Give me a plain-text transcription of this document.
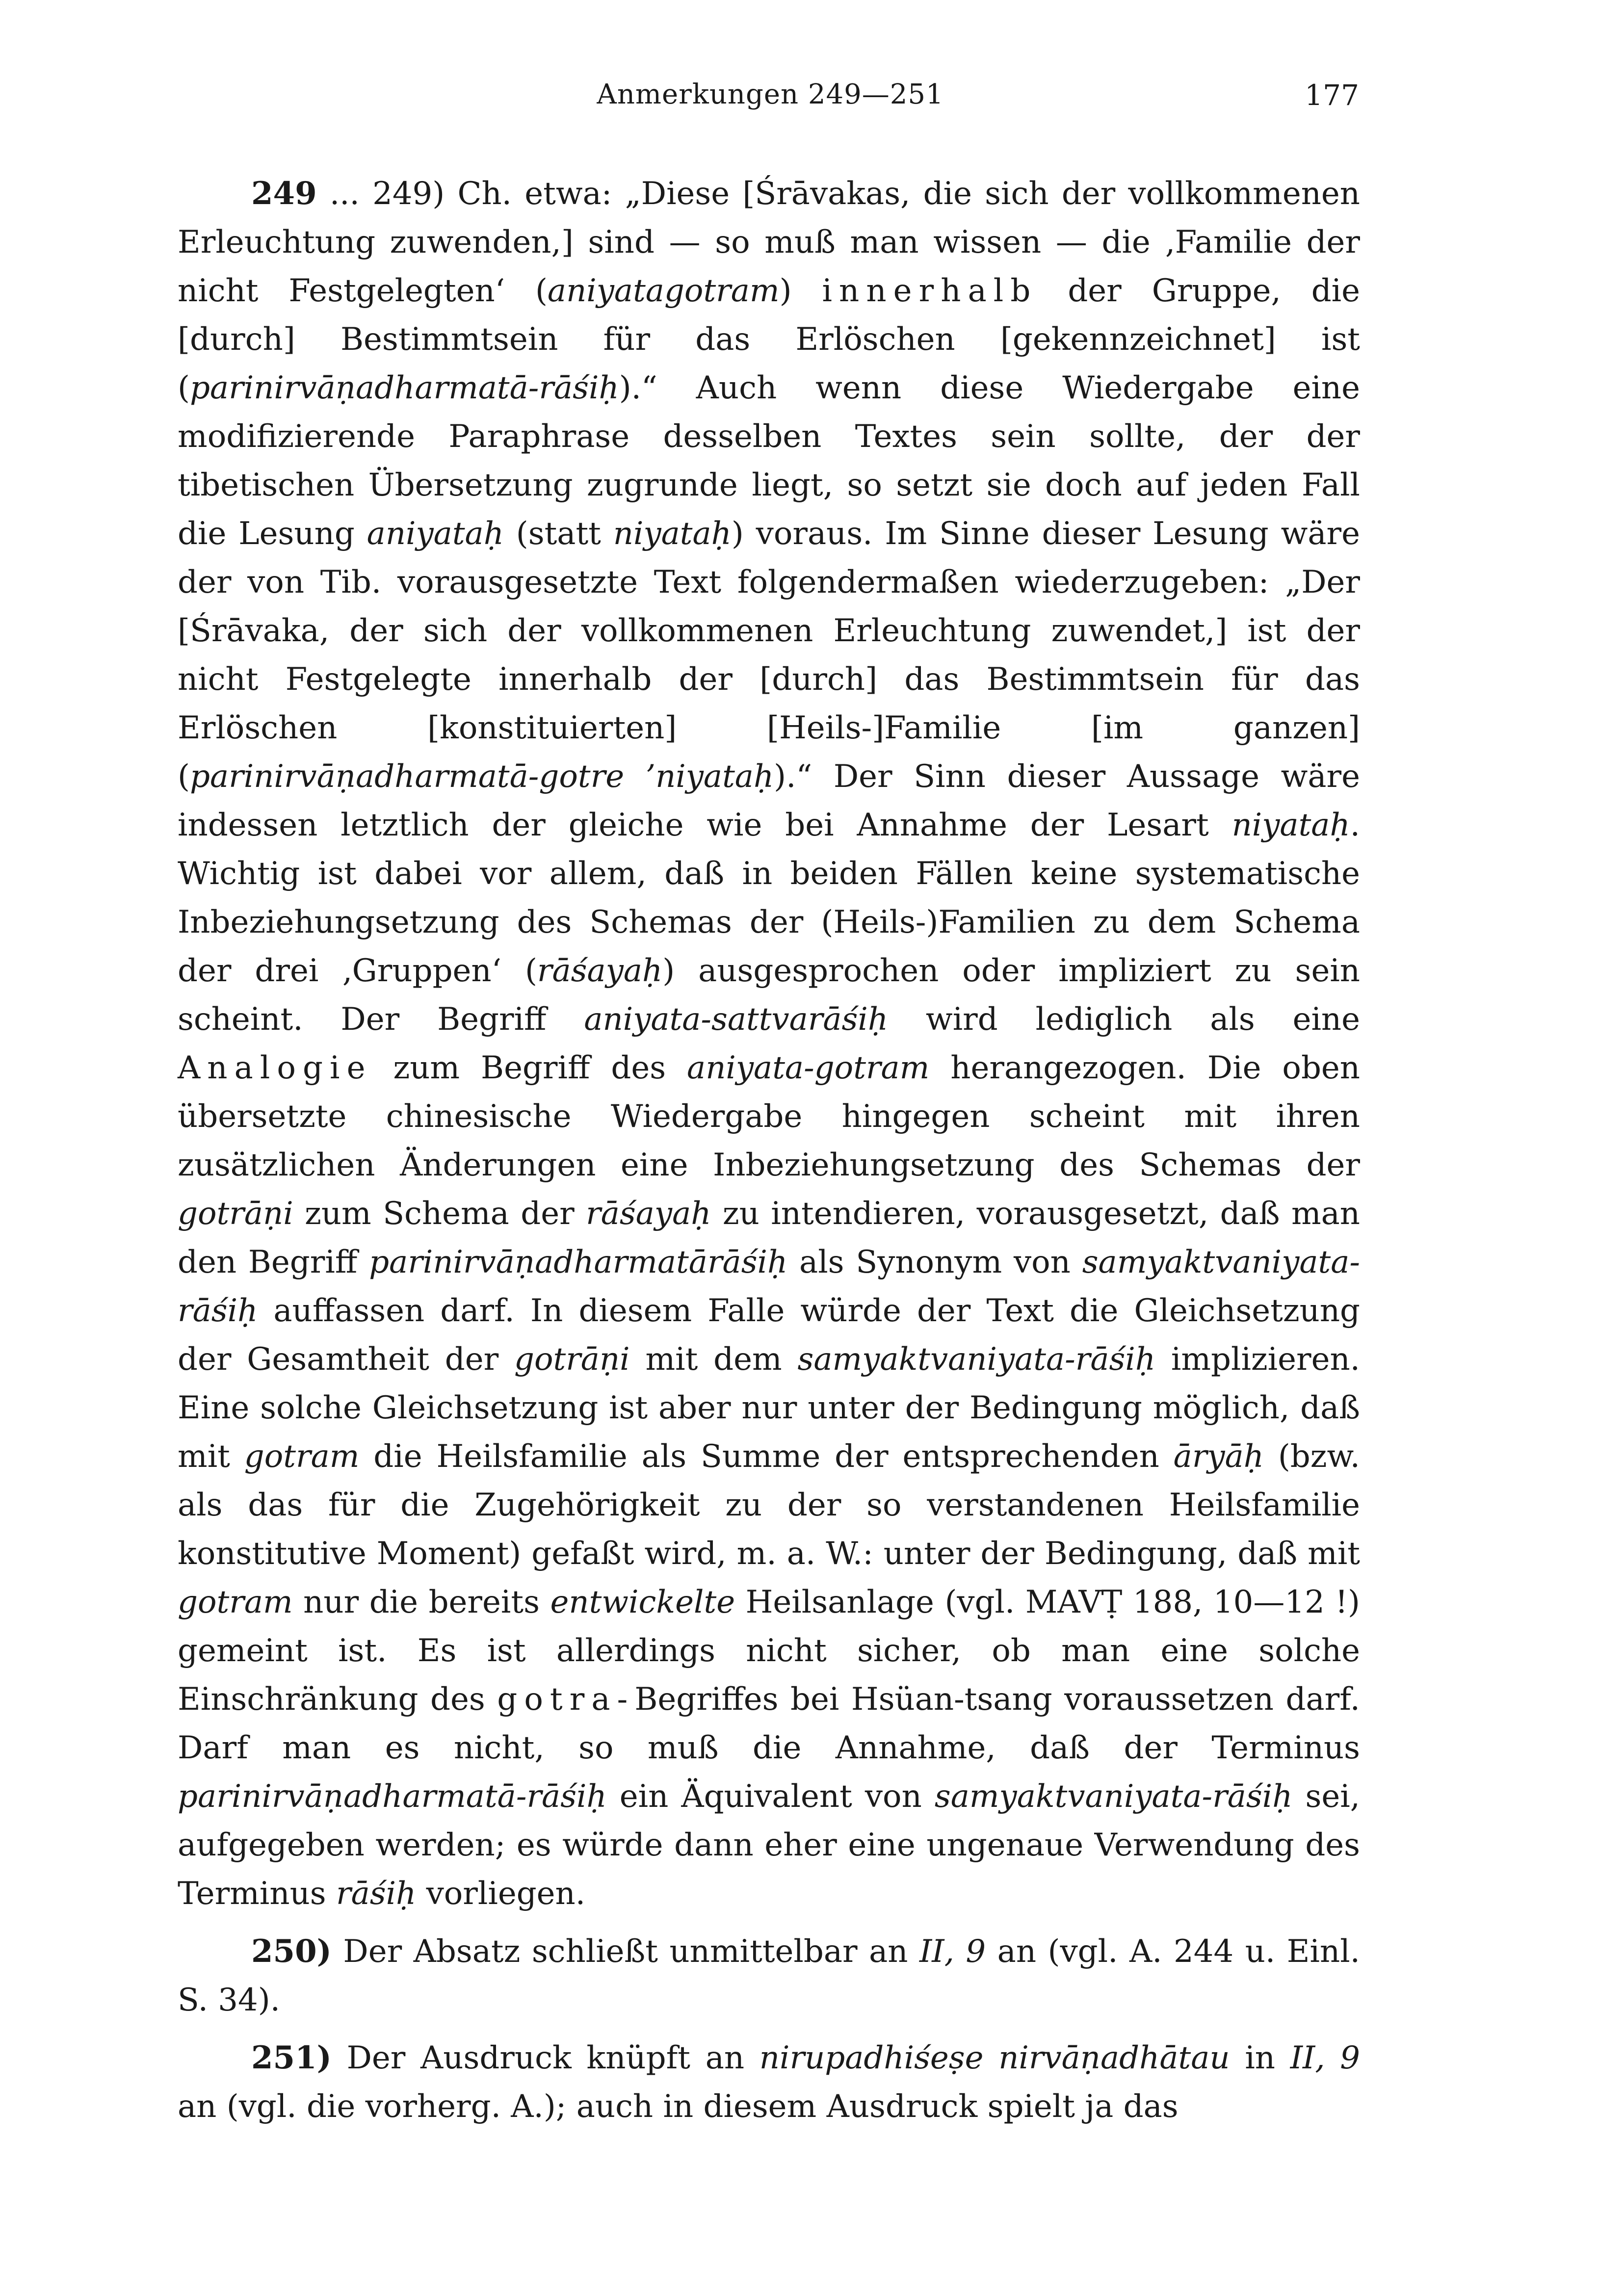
Anmerkungen 249—251	177

249 ... 249) Ch. etwa: „Diese [Śrāvakas, die sich der vollkommenen Erleuchtung zuwenden,] sind — so muß man wissen — die ‚Familie der nicht Festgelegten‘ (aniyatagotram) innerhalb der Gruppe, die [durch] Bestimmtsein für das Erlöschen [gekennzeichnet] ist (parinirvāṇadharmatā-rāśiḥ).“ Auch wenn diese Wiedergabe eine modifizierende Paraphrase desselben Textes sein sollte, der der tibetischen Übersetzung zugrunde liegt, so setzt sie doch auf jeden Fall die Lesung aniyataḥ (statt niyataḥ) voraus. Im Sinne dieser Lesung wäre der von Tib. vorausgesetzte Text folgendermaßen wiederzugeben: „Der [Śrāvaka, der sich der vollkommenen Erleuchtung zuwendet,] ist der nicht Festgelegte innerhalb der [durch] das Bestimmtsein für das Erlöschen [konstituierten] [Heils-]Familie [im ganzen] (parinirvāṇadharmatā-gotre ’niyataḥ).“ Der Sinn dieser Aussage wäre indessen letztlich der gleiche wie bei Annahme der Lesart niyataḥ. Wichtig ist dabei vor allem, daß in beiden Fällen keine systematische Inbeziehungsetzung des Schemas der (Heils-)Familien zu dem Schema der drei ‚Gruppen‘ (rāśayaḥ) ausgesprochen oder impliziert zu sein scheint. Der Begriff aniyata-sattvarāśiḥ wird lediglich als eine Analogie zum Begriff des aniyata-gotram herangezogen. Die oben übersetzte chinesische Wiedergabe hingegen scheint mit ihren zusätzlichen Änderungen eine Inbeziehungsetzung des Schemas der gotrāṇi zum Schema der rāśayaḥ zu intendieren, vorausgesetzt, daß man den Begriff parinirvāṇadharmatārāśiḥ als Synonym von samyaktvaniyata-rāśiḥ auffassen darf. In diesem Falle würde der Text die Gleichsetzung der Gesamtheit der gotrāṇi mit dem samyaktvaniyata-rāśiḥ implizieren. Eine solche Gleichsetzung ist aber nur unter der Bedingung möglich, daß mit gotram die Heilsfamilie als Summe der entsprechenden āryāḥ (bzw. als das für die Zugehörigkeit zu der so verstandenen Heilsfamilie konstitutive Moment) gefaßt wird, m. a. W.: unter der Bedingung, daß mit gotram nur die bereits entwickelte Heilsanlage (vgl. MAVṬ 188, 10—12 !) gemeint ist. Es ist allerdings nicht sicher, ob man eine solche Einschränkung des gotra-Begriffes bei Hsüan-tsang voraussetzen darf. Darf man es nicht, so muß die Annahme, daß der Terminus parinirvāṇadharmatā-rāśiḥ ein Äquivalent von samyaktvaniyata-rāśiḥ sei, aufgegeben werden; es würde dann eher eine ungenaue Verwendung des Terminus rāśiḥ vorliegen.

250) Der Absatz schließt unmittelbar an II, 9 an (vgl. A. 244 u. Einl. S. 34).

251) Der Ausdruck knüpft an nirupadhiśeṣe nirvāṇadhātau in II, 9 an (vgl. die vorherg. A.); auch in diesem Ausdruck spielt ja das
